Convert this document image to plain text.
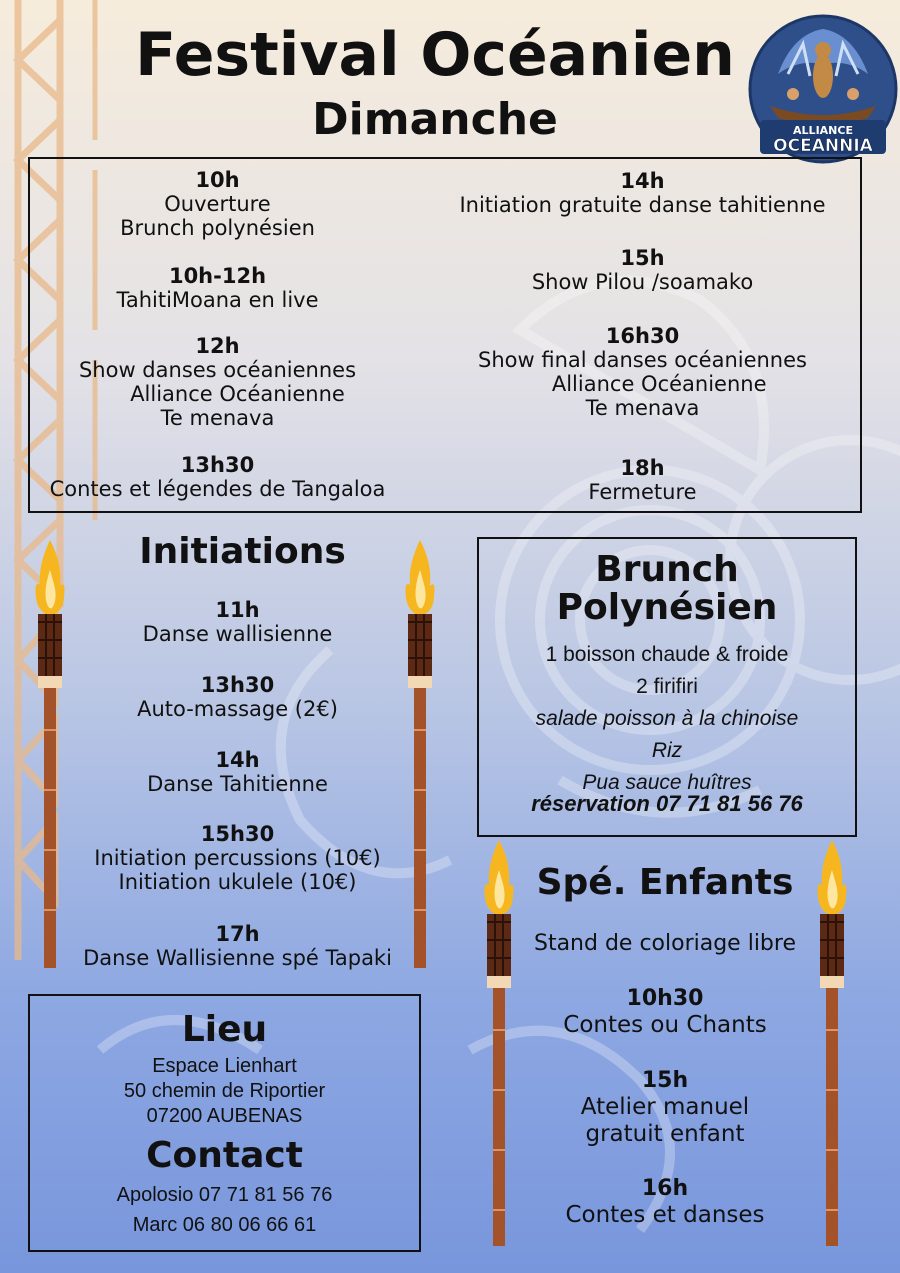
Festival Océanien
Dimanche	ALLIANCE
OCEANNIA
10h
Ouverture
Brunch polynésien
10h-12h
TahitiMoana en live
12h
Show danses océaniennes
Alliance Océanienne
Te menava
13h30
Contes et légendes de Tangaloa
14h
Initiation gratuite danse tahitienne
15h
Show Pilou /soamako
16h30
Show final danses océaniennes
Alliance Océanienne
Te menava
18h
Fermeture
Initiations
11h
Danse wallisienne
13h30
Auto-massage (2€)
14h
Danse Tahitienne
15h30
Initiation percussions (10€)
Initiation ukulele (10€)
17h
Danse Wallisienne spé Tapaki
Brunch
Polynésien
1 boisson chaude & froide
2 firifiri
salade poisson à la chinoise
Riz
Pua sauce huîtres
réservation 07 71 81 56 76
Spé. Enfants
Stand de coloriage libre
10h30
Contes ou Chants
15h
Atelier manuel
gratuit enfant
16h
Contes et danses
Lieu
Espace Lienhart
50 chemin de Riportier
07200 AUBENAS
Contact
Apolosio 07 71 81 56 76
Marc 06 80 06 66 61
